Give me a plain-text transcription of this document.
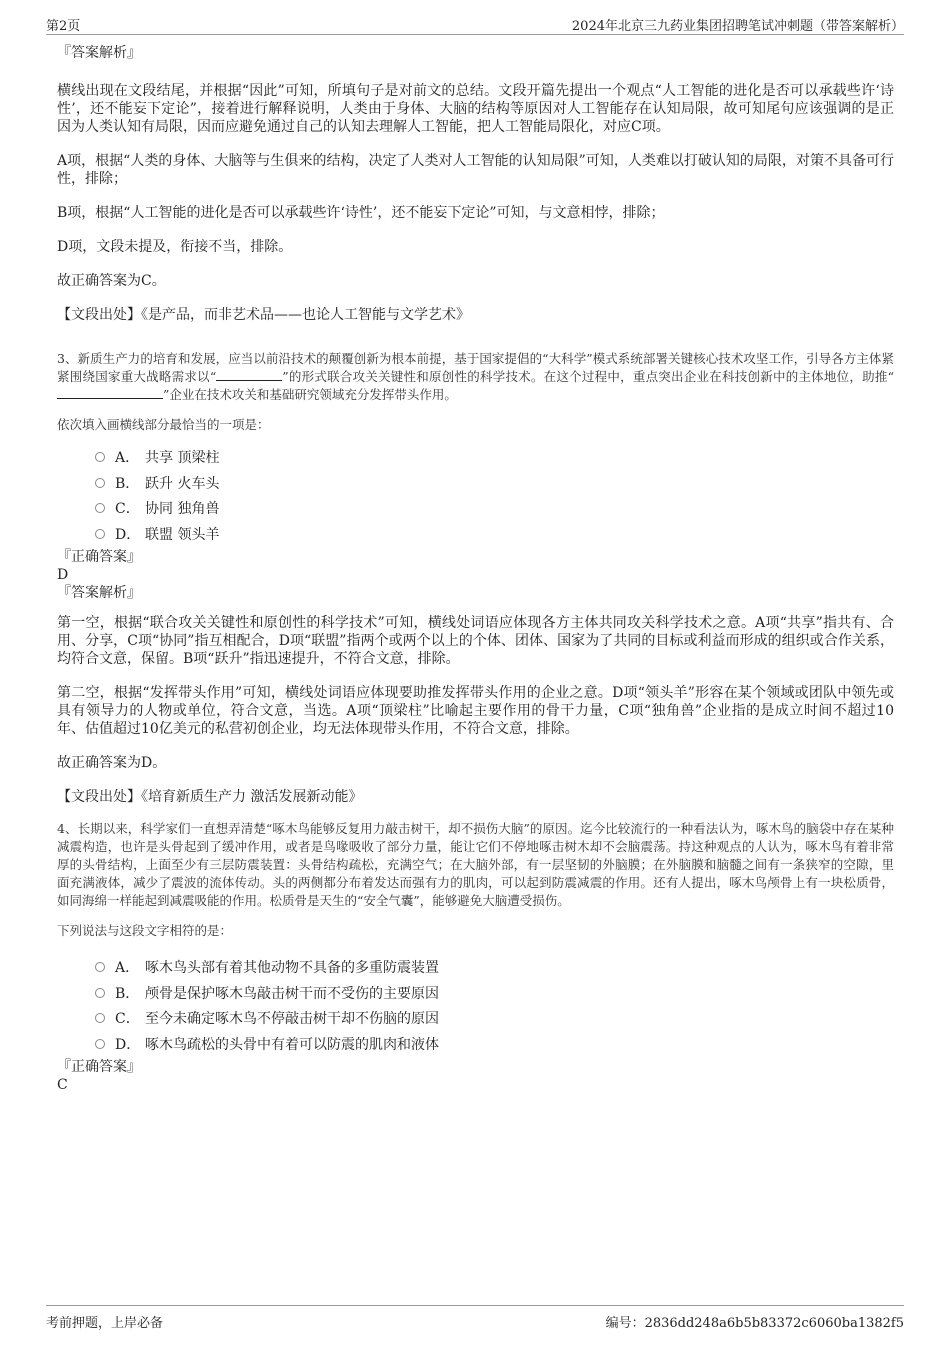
第2页	2024年北京三九药业集团招聘笔试冲刺题（带答案解析）
『答案解析』

横线出现在文段结尾，并根据“因此”可知，所填句子是对前文的总结。文段开篇先提出一个观点“人工智能的进化是否可以承载些许‘诗性’，还不能妄下定论”，接着进行解释说明，人类由于身体、大脑的结构等原因对人工智能存在认知局限，故可知尾句应该强调的是正因为人类认知有局限，因而应避免通过自己的认知去理解人工智能，把人工智能局限化，对应C项。

A项，根据“人类的身体、大脑等与生俱来的结构，决定了人类对人工智能的认知局限”可知，人类难以打破认知的局限，对策不具备可行性，排除；

B项，根据“人工智能的进化是否可以承载些许‘诗性’，还不能妄下定论”可知，与文意相悖，排除；

D项，文段未提及，衔接不当，排除。

故正确答案为C。

【文段出处】《是产品，而非艺术品——也论人工智能与文学艺术》

3、新质生产力的培育和发展，应当以前沿技术的颠覆创新为根本前提，基于国家提倡的“大科学”模式系统部署关键核心技术攻坚工作，引导各方主体紧紧围绕国家重大战略需求以“	”的形式联合攻关关键性和原创性的科学技术。在这个过程中，重点突出企业在科技创新中的主体地位，助推“”企业在技术攻关和基础研究领域充分发挥带头作用。

依次填入画横线部分最恰当的一项是：

A． 共享 顶梁柱
B． 跃升 火车头
C． 协同 独角兽
D． 联盟 领头羊
『正确答案』
D
『答案解析』

第一空，根据“联合攻关关键性和原创性的科学技术”可知，横线处词语应体现各方主体共同攻关科学技术之意。A项“共享”指共有、合用、分享，C项“协同”指互相配合，D项“联盟”指两个或两个以上的个体、团体、国家为了共同的目标或利益而形成的组织或合作关系，均符合文意，保留。B项“跃升”指迅速提升，不符合文意，排除。

第二空，根据“发挥带头作用”可知，横线处词语应体现要助推发挥带头作用的企业之意。D项“领头羊”形容在某个领域或团队中领先或具有领导力的人物或单位，符合文意，当选。A项“顶梁柱”比喻起主要作用的骨干力量，C项“独角兽”企业指的是成立时间不超过10年、估值超过10亿美元的私营初创企业，均无法体现带头作用，不符合文意，排除。

故正确答案为D。

【文段出处】《培育新质生产力 激活发展新动能》

4、长期以来，科学家们一直想弄清楚“啄木鸟能够反复用力敲击树干，却不损伤大脑”的原因。迄今比较流行的一种看法认为，啄木鸟的脑袋中存在某种减震构造，也许是头骨起到了缓冲作用，或者是鸟喙吸收了部分力量，能让它们不停地啄击树木却不会脑震荡。持这种观点的人认为，啄木鸟有着非常厚的头骨结构，上面至少有三层防震装置：头骨结构疏松，充满空气；在大脑外部，有一层坚韧的外脑膜；在外脑膜和脑髓之间有一条狭窄的空隙，里面充满液体，减少了震波的流体传动。头的两侧都分布着发达而强有力的肌肉，可以起到防震减震的作用。还有人提出，啄木鸟颅骨上有一块松质骨，如同海绵一样能起到减震吸能的作用。松质骨是天生的“安全气囊”，能够避免大脑遭受损伤。

下列说法与这段文字相符的是：

A． 啄木鸟头部有着其他动物不具备的多重防震装置
B． 颅骨是保护啄木鸟敲击树干而不受伤的主要原因
C． 至今未确定啄木鸟不停敲击树干却不伤脑的原因
D． 啄木鸟疏松的头骨中有着可以防震的肌肉和液体
『正确答案』
C
考前押题，上岸必备	编号：2836dd248a6b5b83372c6060ba1382f5
